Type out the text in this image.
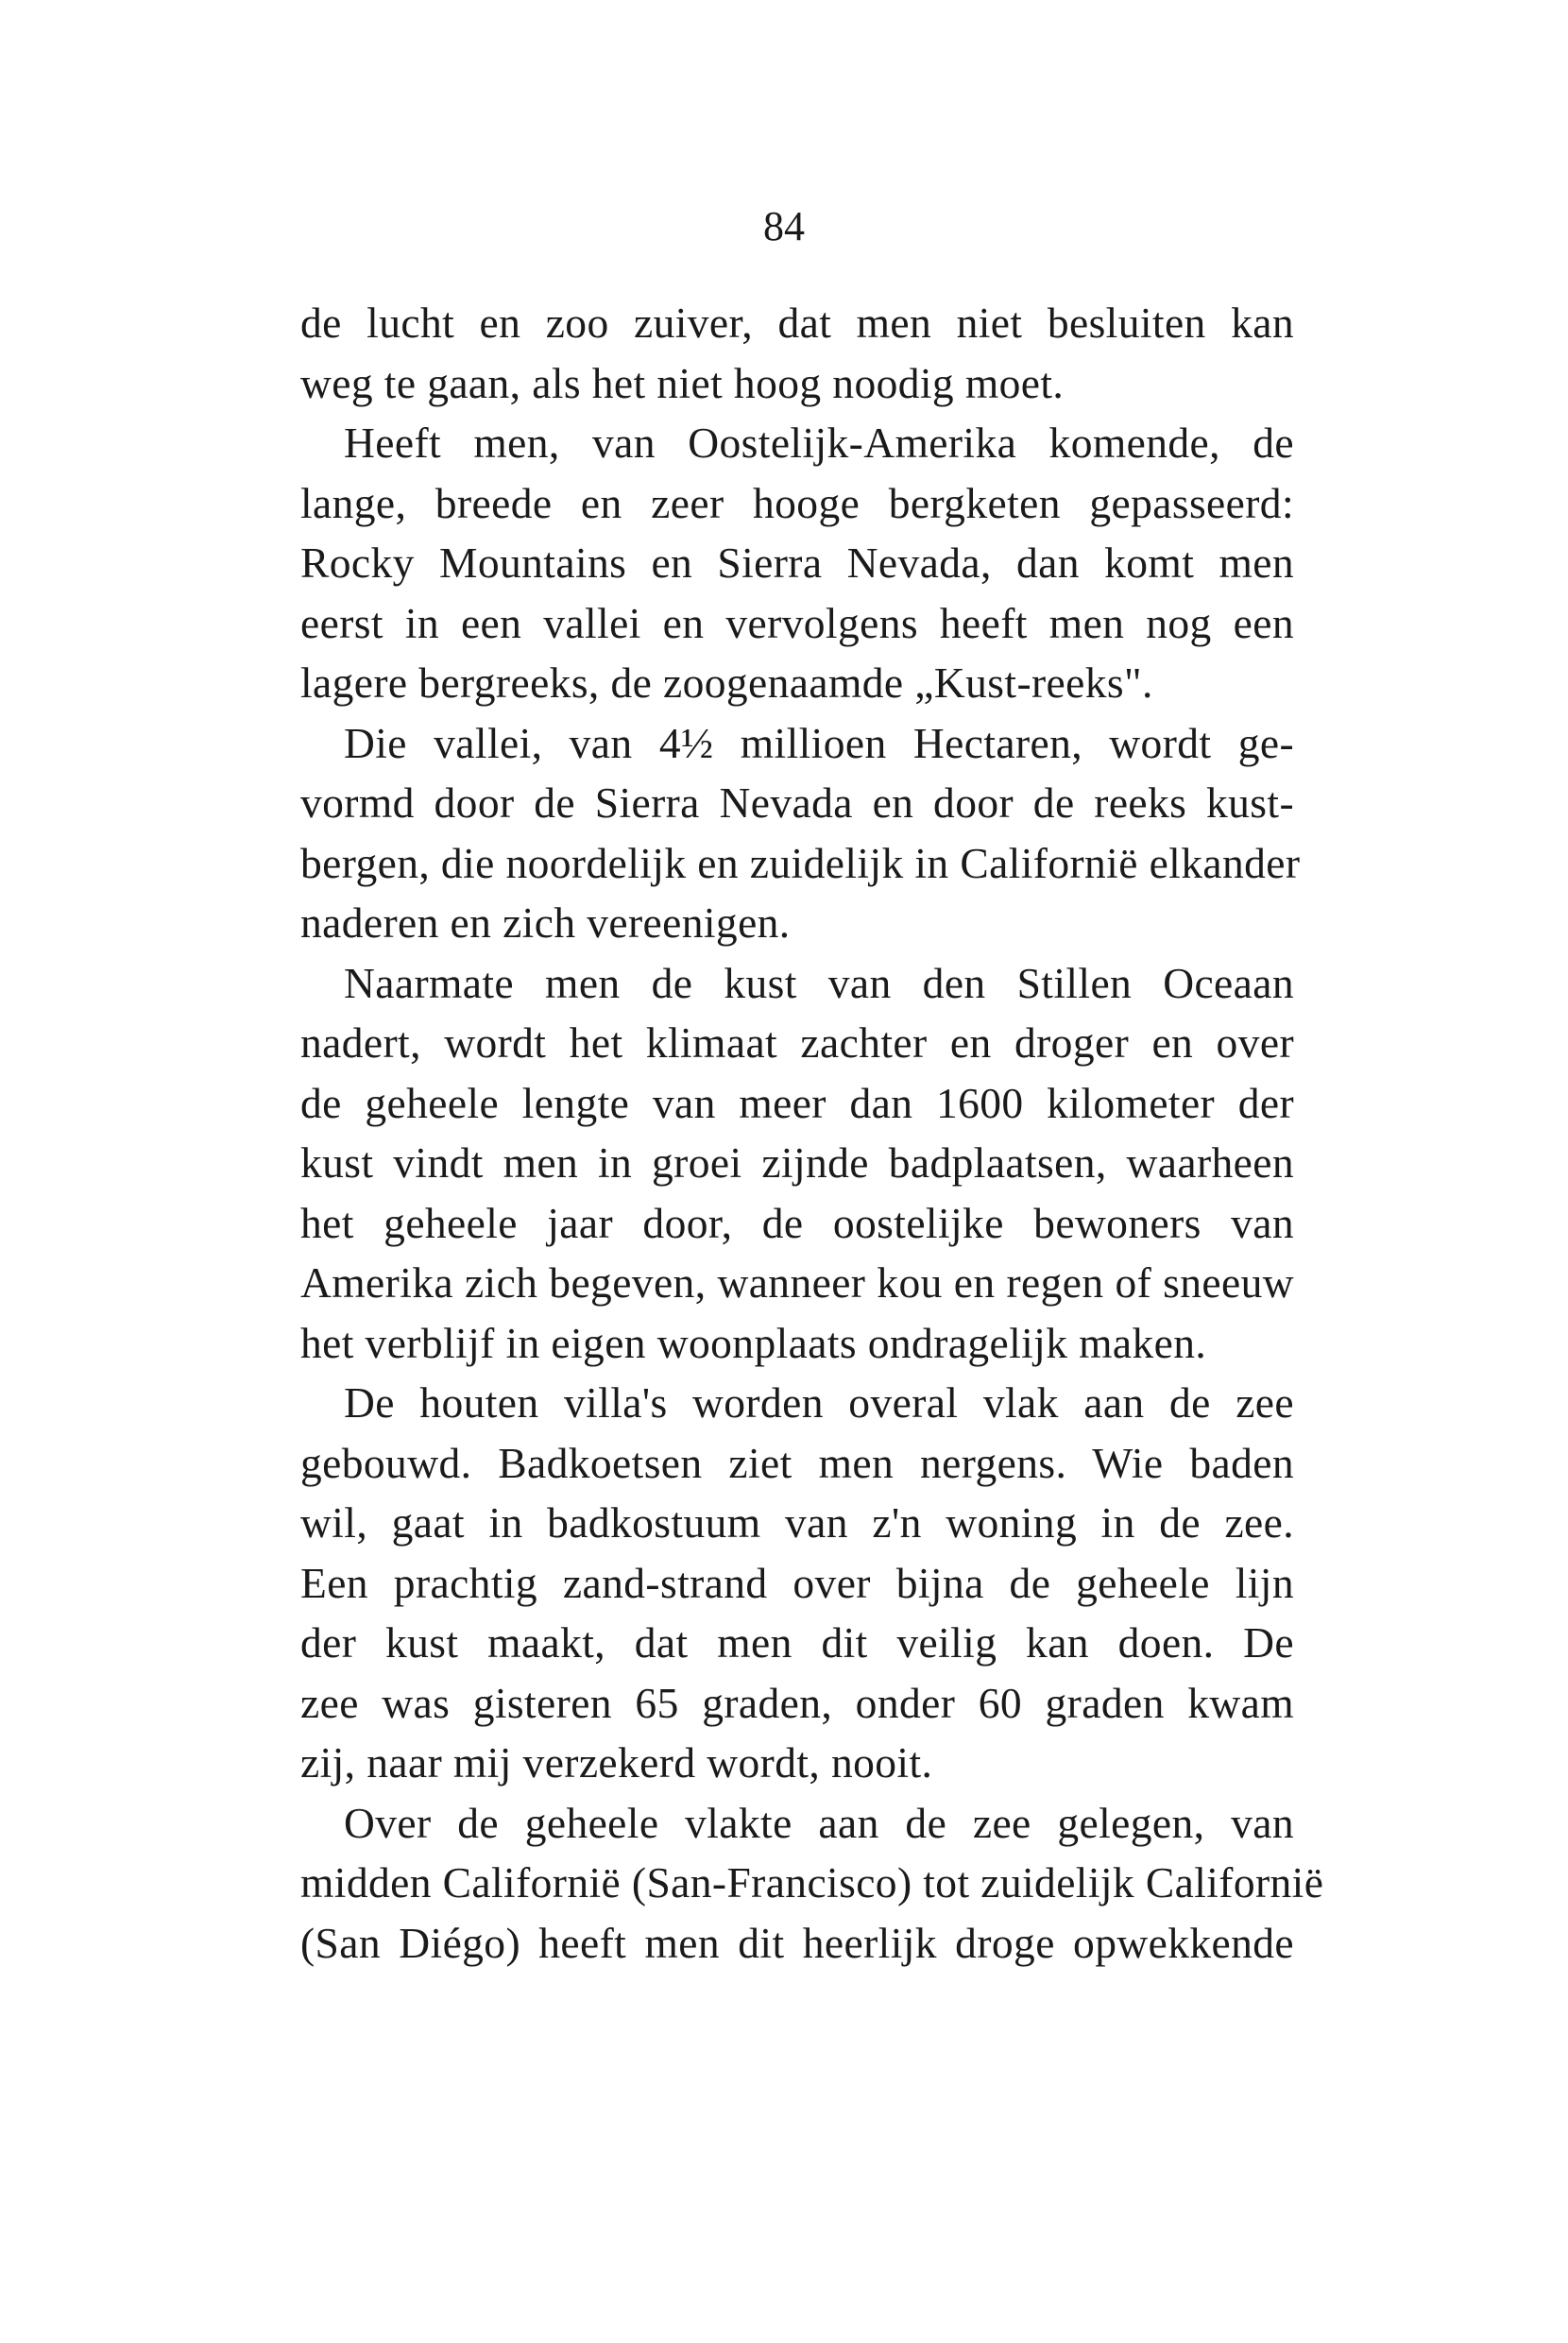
84
de lucht en zoo zuiver, dat men niet besluiten kan
weg te gaan, als het niet hoog noodig moet.
Heeft men, van Oostelijk-Amerika komende, de
lange, breede en zeer hooge bergketen gepasseerd:
Rocky Mountains en Sierra Nevada, dan komt men
eerst in een vallei en vervolgens heeft men nog een
lagere bergreeks, de zoogenaamde „Kust-reeks".
Die vallei, van 4½ millioen Hectaren, wordt ge-
vormd door de Sierra Nevada en door de reeks kust-
bergen, die noordelijk en zuidelijk in Californië elkander
naderen en zich vereenigen.
Naarmate men de kust van den Stillen Oceaan
nadert, wordt het klimaat zachter en droger en over
de geheele lengte van meer dan 1600 kilometer der
kust vindt men in groei zijnde badplaatsen, waarheen
het geheele jaar door, de oostelijke bewoners van
Amerika zich begeven, wanneer kou en regen of sneeuw
het verblijf in eigen woonplaats ondragelijk maken.
De houten villa's worden overal vlak aan de zee
gebouwd. Badkoetsen ziet men nergens. Wie baden
wil, gaat in badkostuum van z'n woning in de zee.
Een prachtig zand-strand over bijna de geheele lijn
der kust maakt, dat men dit veilig kan doen. De
zee was gisteren 65 graden, onder 60 graden kwam
zij, naar mij verzekerd wordt, nooit.
Over de geheele vlakte aan de zee gelegen, van
midden Californië (San-Francisco) tot zuidelijk Californië
(San Diégo) heeft men dit heerlijk droge opwekkende
